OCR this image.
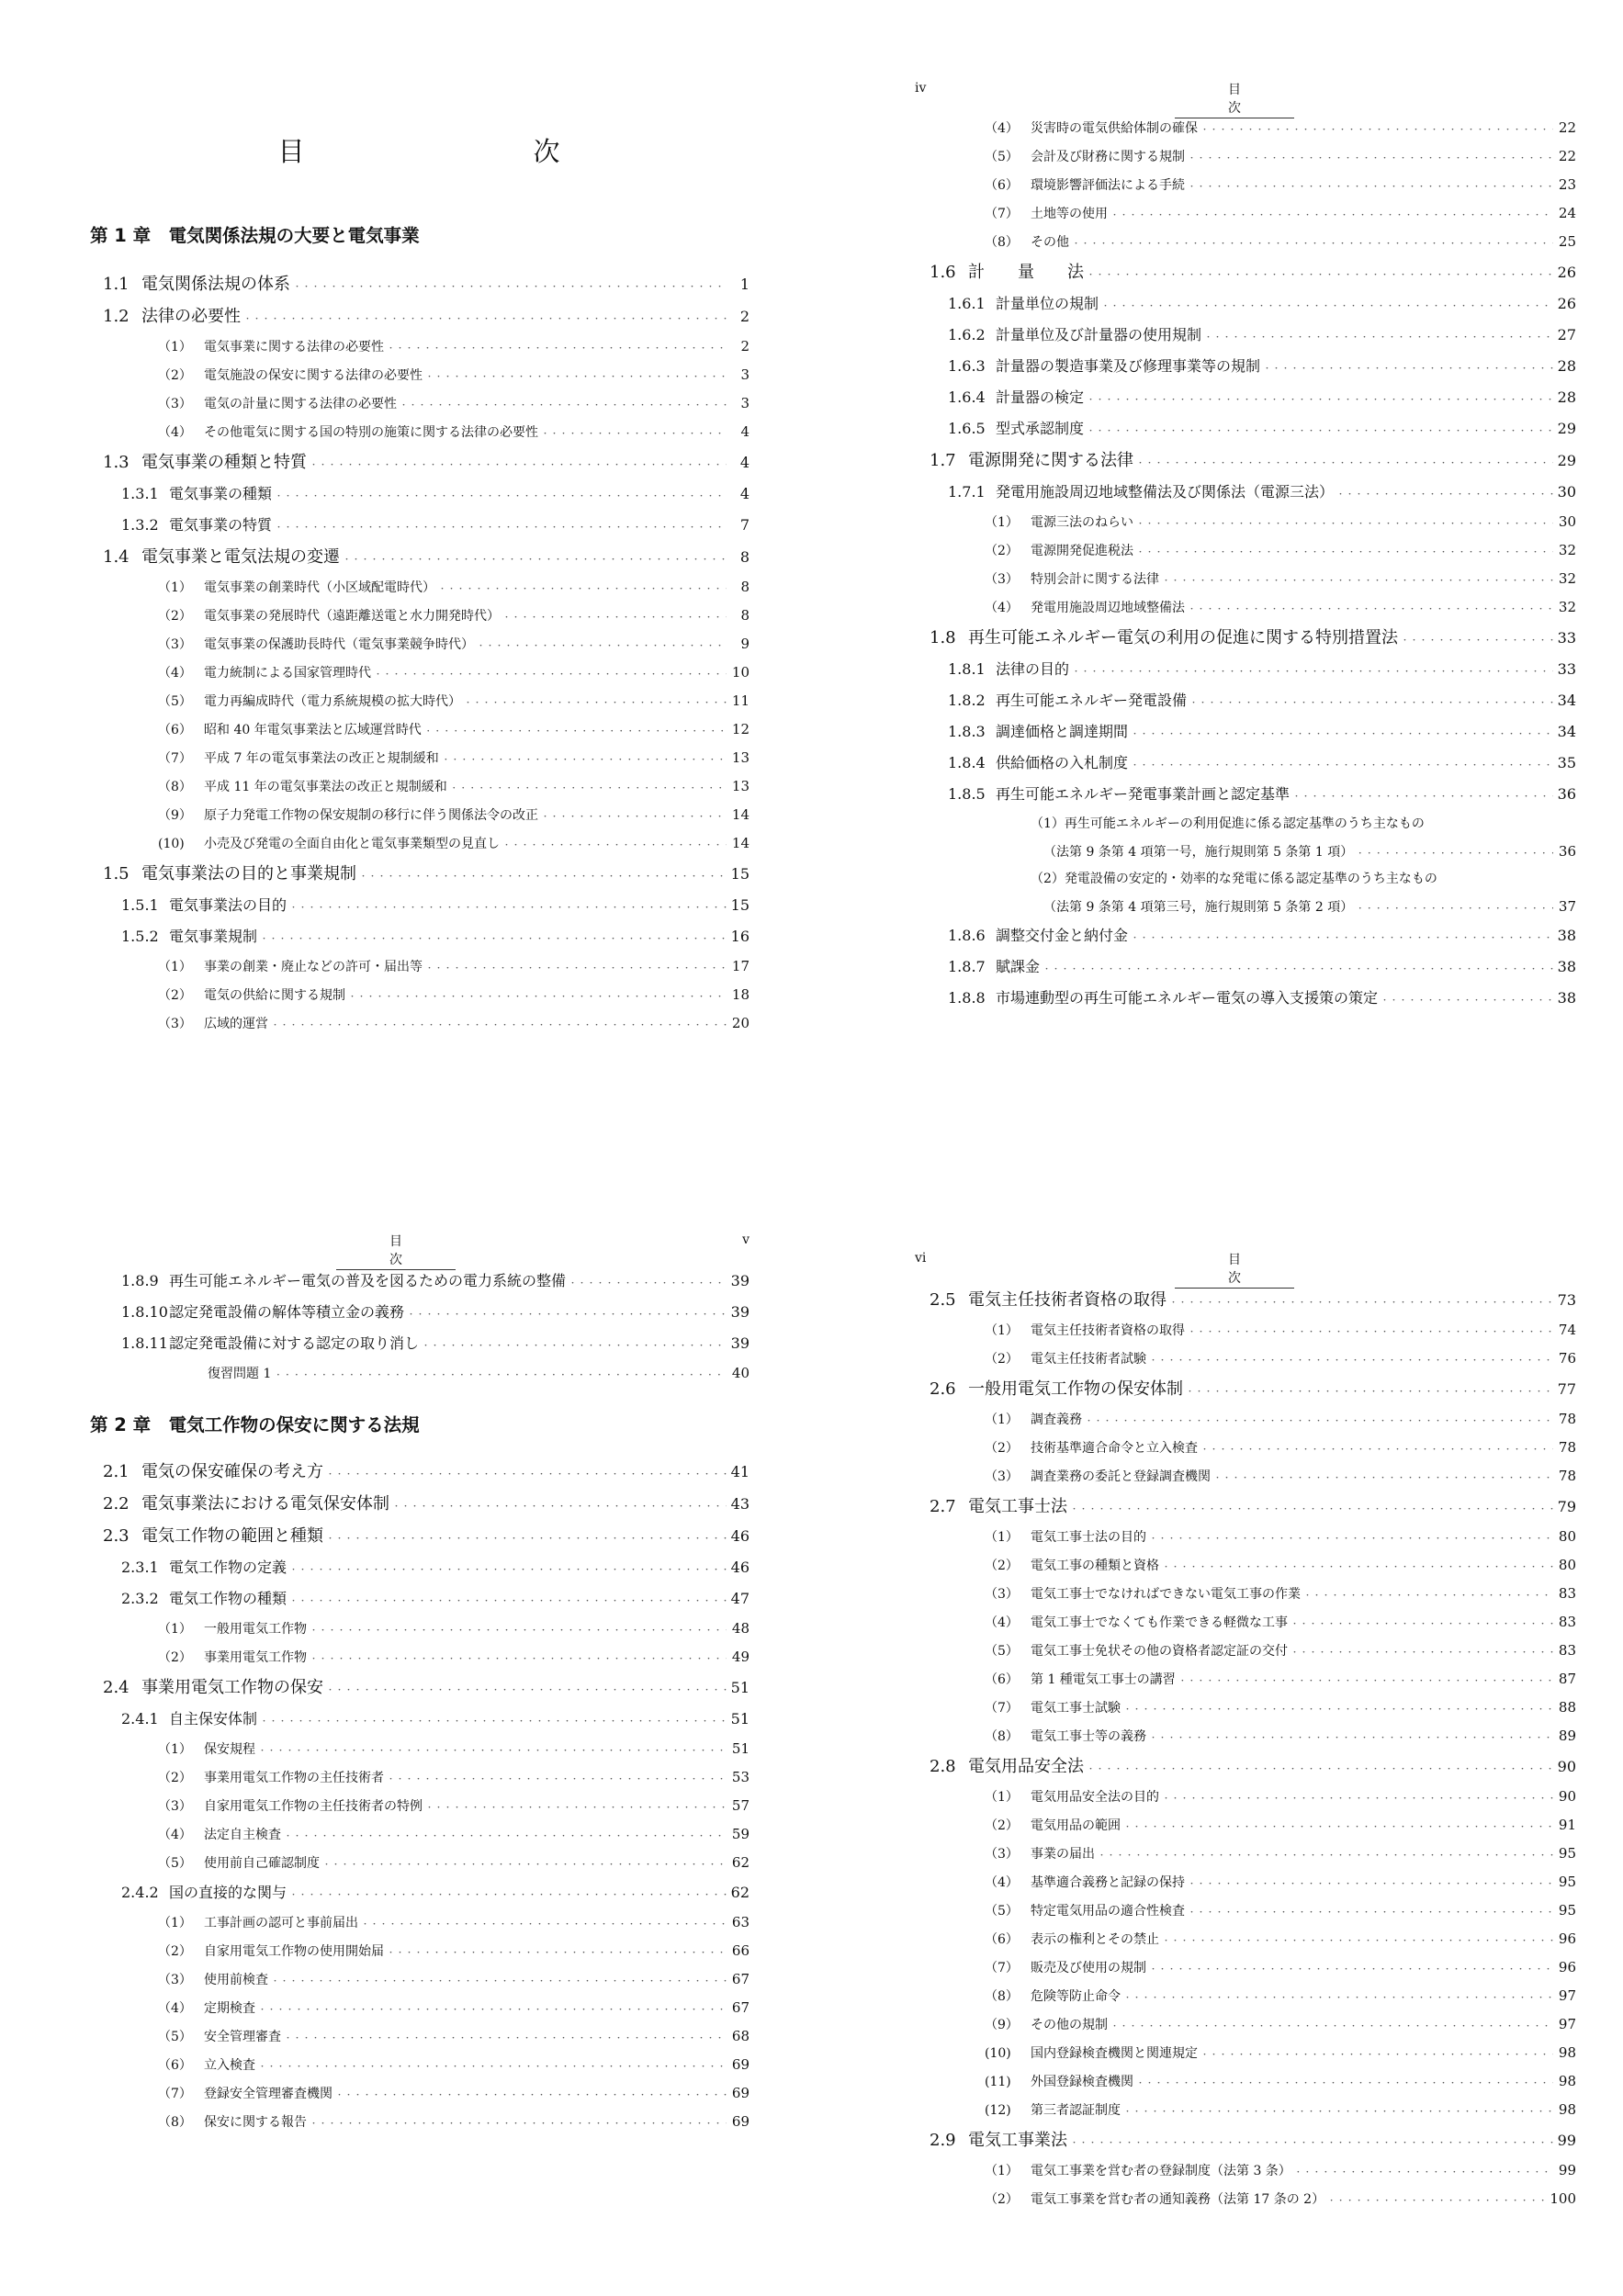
目　次
第 1 章　電気関係法規の大要と電気事業
1.1 電気関係法規の体系 ・・・・・・・・・・・・・・・・・・・・・・・・・・・・・・・・・・・・・・・・・・・・・・・・・・・・・・・・・・・・・・・・・・・・・・・・・・・・・・・・・・・・・・・・	1
1.2 法律の必要性 ・・・・・・・・・・・・・・・・・・・・・・・・・・・・・・・・・・・・・・・・・・・・・・・・・・・・・・・・・・・・・・・・・・・・・・・・・・・・・・・・・・・・・・・・	2
（1） 電気事業に関する法律の必要性 ・・・・・・・・・・・・・・・・・・・・・・・・・・・・・・・・・・・・・・・・・・・・・・・・・・・・・・・・・・・・・・・・・・・・・・・・・・・・・・・・・・・・・・・・	2
（2） 電気施設の保安に関する法律の必要性 ・・・・・・・・・・・・・・・・・・・・・・・・・・・・・・・・・・・・・・・・・・・・・・・・・・・・・・・・・・・・・・・・・・・・・・・・・・・・・・・・・・・・・・・・	3
（3） 電気の計量に関する法律の必要性 ・・・・・・・・・・・・・・・・・・・・・・・・・・・・・・・・・・・・・・・・・・・・・・・・・・・・・・・・・・・・・・・・・・・・・・・・・・・・・・・・・・・・・・・・	3
（4） その他電気に関する国の特別の施策に関する法律の必要性 ・・・・・・・・・・・・・・・・・・・・・・・・・・・・・・・・・・・・・・・・・・・・・・・・・・・・・・・・・・・・・・・・・・・・・・・・・・・・・・・・・・・・・・・・	4
1.3 電気事業の種類と特質 ・・・・・・・・・・・・・・・・・・・・・・・・・・・・・・・・・・・・・・・・・・・・・・・・・・・・・・・・・・・・・・・・・・・・・・・・・・・・・・・・・・・・・・・・	4
1.3.1 電気事業の種類 ・・・・・・・・・・・・・・・・・・・・・・・・・・・・・・・・・・・・・・・・・・・・・・・・・・・・・・・・・・・・・・・・・・・・・・・・・・・・・・・・・・・・・・・・	4
1.3.2 電気事業の特質 ・・・・・・・・・・・・・・・・・・・・・・・・・・・・・・・・・・・・・・・・・・・・・・・・・・・・・・・・・・・・・・・・・・・・・・・・・・・・・・・・・・・・・・・・	7
1.4 電気事業と電気法規の変遷 ・・・・・・・・・・・・・・・・・・・・・・・・・・・・・・・・・・・・・・・・・・・・・・・・・・・・・・・・・・・・・・・・・・・・・・・・・・・・・・・・・・・・・・・・	8
（1） 電気事業の創業時代（小区域配電時代） ・・・・・・・・・・・・・・・・・・・・・・・・・・・・・・・・・・・・・・・・・・・・・・・・・・・・・・・・・・・・・・・・・・・・・・・・・・・・・・・・・・・・・・・・	8
（2） 電気事業の発展時代（遠距離送電と水力開発時代） ・・・・・・・・・・・・・・・・・・・・・・・・・・・・・・・・・・・・・・・・・・・・・・・・・・・・・・・・・・・・・・・・・・・・・・・・・・・・・・・・・・・・・・・・	8
（3） 電気事業の保護助長時代（電気事業競争時代） ・・・・・・・・・・・・・・・・・・・・・・・・・・・・・・・・・・・・・・・・・・・・・・・・・・・・・・・・・・・・・・・・・・・・・・・・・・・・・・・・・・・・・・・・	9
（4） 電力統制による国家管理時代 ・・・・・・・・・・・・・・・・・・・・・・・・・・・・・・・・・・・・・・・・・・・・・・・・・・・・・・・・・・・・・・・・・・・・・・・・・・・・・・・・・・・・・・・・	10
（5） 電力再編成時代（電力系統規模の拡大時代） ・・・・・・・・・・・・・・・・・・・・・・・・・・・・・・・・・・・・・・・・・・・・・・・・・・・・・・・・・・・・・・・・・・・・・・・・・・・・・・・・・・・・・・・・	11
（6） 昭和 40 年電気事業法と広域運営時代 ・・・・・・・・・・・・・・・・・・・・・・・・・・・・・・・・・・・・・・・・・・・・・・・・・・・・・・・・・・・・・・・・・・・・・・・・・・・・・・・・・・・・・・・・	12
（7） 平成 7 年の電気事業法の改正と規制緩和 ・・・・・・・・・・・・・・・・・・・・・・・・・・・・・・・・・・・・・・・・・・・・・・・・・・・・・・・・・・・・・・・・・・・・・・・・・・・・・・・・・・・・・・・・	13
（8） 平成 11 年の電気事業法の改正と規制緩和 ・・・・・・・・・・・・・・・・・・・・・・・・・・・・・・・・・・・・・・・・・・・・・・・・・・・・・・・・・・・・・・・・・・・・・・・・・・・・・・・・・・・・・・・・	13
（9） 原子力発電工作物の保安規制の移行に伴う関係法令の改正 ・・・・・・・・・・・・・・・・・・・・・・・・・・・・・・・・・・・・・・・・・・・・・・・・・・・・・・・・・・・・・・・・・・・・・・・・・・・・・・・・・・・・・・・・	14
(10) 小売及び発電の全面自由化と電気事業類型の見直し ・・・・・・・・・・・・・・・・・・・・・・・・・・・・・・・・・・・・・・・・・・・・・・・・・・・・・・・・・・・・・・・・・・・・・・・・・・・・・・・・・・・・・・・・	14
1.5 電気事業法の目的と事業規制 ・・・・・・・・・・・・・・・・・・・・・・・・・・・・・・・・・・・・・・・・・・・・・・・・・・・・・・・・・・・・・・・・・・・・・・・・・・・・・・・・・・・・・・・・	15
1.5.1 電気事業法の目的 ・・・・・・・・・・・・・・・・・・・・・・・・・・・・・・・・・・・・・・・・・・・・・・・・・・・・・・・・・・・・・・・・・・・・・・・・・・・・・・・・・・・・・・・・	15
1.5.2 電気事業規制 ・・・・・・・・・・・・・・・・・・・・・・・・・・・・・・・・・・・・・・・・・・・・・・・・・・・・・・・・・・・・・・・・・・・・・・・・・・・・・・・・・・・・・・・・	16
（1） 事業の創業・廃止などの許可・届出等 ・・・・・・・・・・・・・・・・・・・・・・・・・・・・・・・・・・・・・・・・・・・・・・・・・・・・・・・・・・・・・・・・・・・・・・・・・・・・・・・・・・・・・・・・	17
（2） 電気の供給に関する規制 ・・・・・・・・・・・・・・・・・・・・・・・・・・・・・・・・・・・・・・・・・・・・・・・・・・・・・・・・・・・・・・・・・・・・・・・・・・・・・・・・・・・・・・・・	18
（3） 広域的運営 ・・・・・・・・・・・・・・・・・・・・・・・・・・・・・・・・・・・・・・・・・・・・・・・・・・・・・・・・・・・・・・・・・・・・・・・・・・・・・・・・・・・・・・・・	20
iv	目　次
（4） 災害時の電気供給体制の確保 ・・・・・・・・・・・・・・・・・・・・・・・・・・・・・・・・・・・・・・・・・・・・・・・・・・・・・・・・・・・・・・・・・・・・・・・・・・・・・・・・・・・・・・・・	22
（5） 会計及び財務に関する規制 ・・・・・・・・・・・・・・・・・・・・・・・・・・・・・・・・・・・・・・・・・・・・・・・・・・・・・・・・・・・・・・・・・・・・・・・・・・・・・・・・・・・・・・・・	22
（6） 環境影響評価法による手続 ・・・・・・・・・・・・・・・・・・・・・・・・・・・・・・・・・・・・・・・・・・・・・・・・・・・・・・・・・・・・・・・・・・・・・・・・・・・・・・・・・・・・・・・・	23
（7） 土地等の使用 ・・・・・・・・・・・・・・・・・・・・・・・・・・・・・・・・・・・・・・・・・・・・・・・・・・・・・・・・・・・・・・・・・・・・・・・・・・・・・・・・・・・・・・・・	24
（8） その他 ・・・・・・・・・・・・・・・・・・・・・・・・・・・・・・・・・・・・・・・・・・・・・・・・・・・・・・・・・・・・・・・・・・・・・・・・・・・・・・・・・・・・・・・・	25
1.6 計　　量　　法 ・・・・・・・・・・・・・・・・・・・・・・・・・・・・・・・・・・・・・・・・・・・・・・・・・・・・・・・・・・・・・・・・・・・・・・・・・・・・・・・・・・・・・・・・	26
1.6.1 計量単位の規制 ・・・・・・・・・・・・・・・・・・・・・・・・・・・・・・・・・・・・・・・・・・・・・・・・・・・・・・・・・・・・・・・・・・・・・・・・・・・・・・・・・・・・・・・・	26
1.6.2 計量単位及び計量器の使用規制 ・・・・・・・・・・・・・・・・・・・・・・・・・・・・・・・・・・・・・・・・・・・・・・・・・・・・・・・・・・・・・・・・・・・・・・・・・・・・・・・・・・・・・・・・	27
1.6.3 計量器の製造事業及び修理事業等の規制 ・・・・・・・・・・・・・・・・・・・・・・・・・・・・・・・・・・・・・・・・・・・・・・・・・・・・・・・・・・・・・・・・・・・・・・・・・・・・・・・・・・・・・・・・	28
1.6.4 計量器の検定 ・・・・・・・・・・・・・・・・・・・・・・・・・・・・・・・・・・・・・・・・・・・・・・・・・・・・・・・・・・・・・・・・・・・・・・・・・・・・・・・・・・・・・・・・	28
1.6.5 型式承認制度 ・・・・・・・・・・・・・・・・・・・・・・・・・・・・・・・・・・・・・・・・・・・・・・・・・・・・・・・・・・・・・・・・・・・・・・・・・・・・・・・・・・・・・・・・	29
1.7 電源開発に関する法律 ・・・・・・・・・・・・・・・・・・・・・・・・・・・・・・・・・・・・・・・・・・・・・・・・・・・・・・・・・・・・・・・・・・・・・・・・・・・・・・・・・・・・・・・・	29
1.7.1 発電用施設周辺地域整備法及び関係法（電源三法） ・・・・・・・・・・・・・・・・・・・・・・・・・・・・・・・・・・・・・・・・・・・・・・・・・・・・・・・・・・・・・・・・・・・・・・・・・・・・・・・・・・・・・・・・	30
（1） 電源三法のねらい ・・・・・・・・・・・・・・・・・・・・・・・・・・・・・・・・・・・・・・・・・・・・・・・・・・・・・・・・・・・・・・・・・・・・・・・・・・・・・・・・・・・・・・・・	30
（2） 電源開発促進税法 ・・・・・・・・・・・・・・・・・・・・・・・・・・・・・・・・・・・・・・・・・・・・・・・・・・・・・・・・・・・・・・・・・・・・・・・・・・・・・・・・・・・・・・・・	32
（3） 特別会計に関する法律 ・・・・・・・・・・・・・・・・・・・・・・・・・・・・・・・・・・・・・・・・・・・・・・・・・・・・・・・・・・・・・・・・・・・・・・・・・・・・・・・・・・・・・・・・	32
（4） 発電用施設周辺地域整備法 ・・・・・・・・・・・・・・・・・・・・・・・・・・・・・・・・・・・・・・・・・・・・・・・・・・・・・・・・・・・・・・・・・・・・・・・・・・・・・・・・・・・・・・・・	32
1.8 再生可能エネルギー電気の利用の促進に関する特別措置法 ・・・・・・・・・・・・・・・・・・・・・・・・・・・・・・・・・・・・・・・・・・・・・・・・・・・・・・・・・・・・・・・・・・・・・・・・・・・・・・・・・・・・・・・・	33
1.8.1 法律の目的 ・・・・・・・・・・・・・・・・・・・・・・・・・・・・・・・・・・・・・・・・・・・・・・・・・・・・・・・・・・・・・・・・・・・・・・・・・・・・・・・・・・・・・・・・	33
1.8.2 再生可能エネルギー発電設備 ・・・・・・・・・・・・・・・・・・・・・・・・・・・・・・・・・・・・・・・・・・・・・・・・・・・・・・・・・・・・・・・・・・・・・・・・・・・・・・・・・・・・・・・・	34
1.8.3 調達価格と調達期間 ・・・・・・・・・・・・・・・・・・・・・・・・・・・・・・・・・・・・・・・・・・・・・・・・・・・・・・・・・・・・・・・・・・・・・・・・・・・・・・・・・・・・・・・・	34
1.8.4 供給価格の入札制度 ・・・・・・・・・・・・・・・・・・・・・・・・・・・・・・・・・・・・・・・・・・・・・・・・・・・・・・・・・・・・・・・・・・・・・・・・・・・・・・・・・・・・・・・・	35
1.8.5 再生可能エネルギー発電事業計画と認定基準 ・・・・・・・・・・・・・・・・・・・・・・・・・・・・・・・・・・・・・・・・・・・・・・・・・・・・・・・・・・・・・・・・・・・・・・・・・・・・・・・・・・・・・・・・	36
（1）再生可能エネルギーの利用促進に係る認定基準のうち主なもの
（法第 9 条第 4 項第一号，施行規則第 5 条第 1 項） ・・・・・・・・・・・・・・・・・・・・・・・・・・・・・・・・・・・・・・・・・・・・・・・・・・・・・・・・・・・・・・・・・・・・・・・・・・・・・・・・・・・・・・・・	36
（2）発電設備の安定的・効率的な発電に係る認定基準のうち主なもの
（法第 9 条第 4 項第三号，施行規則第 5 条第 2 項） ・・・・・・・・・・・・・・・・・・・・・・・・・・・・・・・・・・・・・・・・・・・・・・・・・・・・・・・・・・・・・・・・・・・・・・・・・・・・・・・・・・・・・・・・	37
1.8.6 調整交付金と納付金 ・・・・・・・・・・・・・・・・・・・・・・・・・・・・・・・・・・・・・・・・・・・・・・・・・・・・・・・・・・・・・・・・・・・・・・・・・・・・・・・・・・・・・・・・	38
1.8.7 賦課金 ・・・・・・・・・・・・・・・・・・・・・・・・・・・・・・・・・・・・・・・・・・・・・・・・・・・・・・・・・・・・・・・・・・・・・・・・・・・・・・・・・・・・・・・・	38
1.8.8 市場連動型の再生可能エネルギー電気の導入支援策の策定 ・・・・・・・・・・・・・・・・・・・・・・・・・・・・・・・・・・・・・・・・・・・・・・・・・・・・・・・・・・・・・・・・・・・・・・・・・・・・・・・・・・・・・・・・	38
目　次
v
1.8.9 再生可能エネルギー電気の普及を図るための電力系統の整備 ・・・・・・・・・・・・・・・・・・・・・・・・・・・・・・・・・・・・・・・・・・・・・・・・・・・・・・・・・・・・・・・・・・・・・・・・・・・・・・・・・・・・・・・・	39
1.8.10認定発電設備の解体等積立金の義務 ・・・・・・・・・・・・・・・・・・・・・・・・・・・・・・・・・・・・・・・・・・・・・・・・・・・・・・・・・・・・・・・・・・・・・・・・・・・・・・・・・・・・・・・・	39
1.8.11認定発電設備に対する認定の取り消し ・・・・・・・・・・・・・・・・・・・・・・・・・・・・・・・・・・・・・・・・・・・・・・・・・・・・・・・・・・・・・・・・・・・・・・・・・・・・・・・・・・・・・・・・	39
復習問題 1 ・・・・・・・・・・・・・・・・・・・・・・・・・・・・・・・・・・・・・・・・・・・・・・・・・・・・・・・・・・・・・・・・・・・・・・・・・・・・・・・・・・・・・・・・	40
第 2 章　電気工作物の保安に関する法規
2.1 電気の保安確保の考え方 ・・・・・・・・・・・・・・・・・・・・・・・・・・・・・・・・・・・・・・・・・・・・・・・・・・・・・・・・・・・・・・・・・・・・・・・・・・・・・・・・・・・・・・・・	41
2.2 電気事業法における電気保安体制 ・・・・・・・・・・・・・・・・・・・・・・・・・・・・・・・・・・・・・・・・・・・・・・・・・・・・・・・・・・・・・・・・・・・・・・・・・・・・・・・・・・・・・・・・	43
2.3 電気工作物の範囲と種類 ・・・・・・・・・・・・・・・・・・・・・・・・・・・・・・・・・・・・・・・・・・・・・・・・・・・・・・・・・・・・・・・・・・・・・・・・・・・・・・・・・・・・・・・・	46
2.3.1 電気工作物の定義 ・・・・・・・・・・・・・・・・・・・・・・・・・・・・・・・・・・・・・・・・・・・・・・・・・・・・・・・・・・・・・・・・・・・・・・・・・・・・・・・・・・・・・・・・	46
2.3.2 電気工作物の種類 ・・・・・・・・・・・・・・・・・・・・・・・・・・・・・・・・・・・・・・・・・・・・・・・・・・・・・・・・・・・・・・・・・・・・・・・・・・・・・・・・・・・・・・・・	47
（1） 一般用電気工作物 ・・・・・・・・・・・・・・・・・・・・・・・・・・・・・・・・・・・・・・・・・・・・・・・・・・・・・・・・・・・・・・・・・・・・・・・・・・・・・・・・・・・・・・・・	48
（2） 事業用電気工作物 ・・・・・・・・・・・・・・・・・・・・・・・・・・・・・・・・・・・・・・・・・・・・・・・・・・・・・・・・・・・・・・・・・・・・・・・・・・・・・・・・・・・・・・・・	49
2.4 事業用電気工作物の保安 ・・・・・・・・・・・・・・・・・・・・・・・・・・・・・・・・・・・・・・・・・・・・・・・・・・・・・・・・・・・・・・・・・・・・・・・・・・・・・・・・・・・・・・・・	51
2.4.1 自主保安体制 ・・・・・・・・・・・・・・・・・・・・・・・・・・・・・・・・・・・・・・・・・・・・・・・・・・・・・・・・・・・・・・・・・・・・・・・・・・・・・・・・・・・・・・・・	51
（1） 保安規程 ・・・・・・・・・・・・・・・・・・・・・・・・・・・・・・・・・・・・・・・・・・・・・・・・・・・・・・・・・・・・・・・・・・・・・・・・・・・・・・・・・・・・・・・・	51
（2） 事業用電気工作物の主任技術者 ・・・・・・・・・・・・・・・・・・・・・・・・・・・・・・・・・・・・・・・・・・・・・・・・・・・・・・・・・・・・・・・・・・・・・・・・・・・・・・・・・・・・・・・・	53
（3） 自家用電気工作物の主任技術者の特例 ・・・・・・・・・・・・・・・・・・・・・・・・・・・・・・・・・・・・・・・・・・・・・・・・・・・・・・・・・・・・・・・・・・・・・・・・・・・・・・・・・・・・・・・・	57
（4） 法定自主検査 ・・・・・・・・・・・・・・・・・・・・・・・・・・・・・・・・・・・・・・・・・・・・・・・・・・・・・・・・・・・・・・・・・・・・・・・・・・・・・・・・・・・・・・・・	59
（5） 使用前自己確認制度 ・・・・・・・・・・・・・・・・・・・・・・・・・・・・・・・・・・・・・・・・・・・・・・・・・・・・・・・・・・・・・・・・・・・・・・・・・・・・・・・・・・・・・・・・	62
2.4.2 国の直接的な関与 ・・・・・・・・・・・・・・・・・・・・・・・・・・・・・・・・・・・・・・・・・・・・・・・・・・・・・・・・・・・・・・・・・・・・・・・・・・・・・・・・・・・・・・・・	62
（1） 工事計画の認可と事前届出 ・・・・・・・・・・・・・・・・・・・・・・・・・・・・・・・・・・・・・・・・・・・・・・・・・・・・・・・・・・・・・・・・・・・・・・・・・・・・・・・・・・・・・・・・	63
（2） 自家用電気工作物の使用開始届 ・・・・・・・・・・・・・・・・・・・・・・・・・・・・・・・・・・・・・・・・・・・・・・・・・・・・・・・・・・・・・・・・・・・・・・・・・・・・・・・・・・・・・・・・	66
（3） 使用前検査 ・・・・・・・・・・・・・・・・・・・・・・・・・・・・・・・・・・・・・・・・・・・・・・・・・・・・・・・・・・・・・・・・・・・・・・・・・・・・・・・・・・・・・・・・	67
（4） 定期検査 ・・・・・・・・・・・・・・・・・・・・・・・・・・・・・・・・・・・・・・・・・・・・・・・・・・・・・・・・・・・・・・・・・・・・・・・・・・・・・・・・・・・・・・・・	67
（5） 安全管理審査 ・・・・・・・・・・・・・・・・・・・・・・・・・・・・・・・・・・・・・・・・・・・・・・・・・・・・・・・・・・・・・・・・・・・・・・・・・・・・・・・・・・・・・・・・	68
（6） 立入検査 ・・・・・・・・・・・・・・・・・・・・・・・・・・・・・・・・・・・・・・・・・・・・・・・・・・・・・・・・・・・・・・・・・・・・・・・・・・・・・・・・・・・・・・・・	69
（7） 登録安全管理審査機関 ・・・・・・・・・・・・・・・・・・・・・・・・・・・・・・・・・・・・・・・・・・・・・・・・・・・・・・・・・・・・・・・・・・・・・・・・・・・・・・・・・・・・・・・・	69
（8） 保安に関する報告 ・・・・・・・・・・・・・・・・・・・・・・・・・・・・・・・・・・・・・・・・・・・・・・・・・・・・・・・・・・・・・・・・・・・・・・・・・・・・・・・・・・・・・・・・	69
vi	目　次
2.5 電気主任技術者資格の取得 ・・・・・・・・・・・・・・・・・・・・・・・・・・・・・・・・・・・・・・・・・・・・・・・・・・・・・・・・・・・・・・・・・・・・・・・・・・・・・・・・・・・・・・・・	73
（1） 電気主任技術者資格の取得 ・・・・・・・・・・・・・・・・・・・・・・・・・・・・・・・・・・・・・・・・・・・・・・・・・・・・・・・・・・・・・・・・・・・・・・・・・・・・・・・・・・・・・・・・	74
（2） 電気主任技術者試験 ・・・・・・・・・・・・・・・・・・・・・・・・・・・・・・・・・・・・・・・・・・・・・・・・・・・・・・・・・・・・・・・・・・・・・・・・・・・・・・・・・・・・・・・・	76
2.6 一般用電気工作物の保安体制 ・・・・・・・・・・・・・・・・・・・・・・・・・・・・・・・・・・・・・・・・・・・・・・・・・・・・・・・・・・・・・・・・・・・・・・・・・・・・・・・・・・・・・・・・	77
（1） 調査義務 ・・・・・・・・・・・・・・・・・・・・・・・・・・・・・・・・・・・・・・・・・・・・・・・・・・・・・・・・・・・・・・・・・・・・・・・・・・・・・・・・・・・・・・・・	78
（2） 技術基準適合命令と立入検査 ・・・・・・・・・・・・・・・・・・・・・・・・・・・・・・・・・・・・・・・・・・・・・・・・・・・・・・・・・・・・・・・・・・・・・・・・・・・・・・・・・・・・・・・・	78
（3） 調査業務の委託と登録調査機関 ・・・・・・・・・・・・・・・・・・・・・・・・・・・・・・・・・・・・・・・・・・・・・・・・・・・・・・・・・・・・・・・・・・・・・・・・・・・・・・・・・・・・・・・・	78
2.7 電気工事士法 ・・・・・・・・・・・・・・・・・・・・・・・・・・・・・・・・・・・・・・・・・・・・・・・・・・・・・・・・・・・・・・・・・・・・・・・・・・・・・・・・・・・・・・・・	79
（1） 電気工事士法の目的 ・・・・・・・・・・・・・・・・・・・・・・・・・・・・・・・・・・・・・・・・・・・・・・・・・・・・・・・・・・・・・・・・・・・・・・・・・・・・・・・・・・・・・・・・	80
（2） 電気工事の種類と資格 ・・・・・・・・・・・・・・・・・・・・・・・・・・・・・・・・・・・・・・・・・・・・・・・・・・・・・・・・・・・・・・・・・・・・・・・・・・・・・・・・・・・・・・・・	80
（3） 電気工事士でなければできない電気工事の作業 ・・・・・・・・・・・・・・・・・・・・・・・・・・・・・・・・・・・・・・・・・・・・・・・・・・・・・・・・・・・・・・・・・・・・・・・・・・・・・・・・・・・・・・・・	83
（4） 電気工事士でなくても作業できる軽微な工事 ・・・・・・・・・・・・・・・・・・・・・・・・・・・・・・・・・・・・・・・・・・・・・・・・・・・・・・・・・・・・・・・・・・・・・・・・・・・・・・・・・・・・・・・・	83
（5） 電気工事士免状その他の資格者認定証の交付 ・・・・・・・・・・・・・・・・・・・・・・・・・・・・・・・・・・・・・・・・・・・・・・・・・・・・・・・・・・・・・・・・・・・・・・・・・・・・・・・・・・・・・・・・	83
（6） 第 1 種電気工事士の講習 ・・・・・・・・・・・・・・・・・・・・・・・・・・・・・・・・・・・・・・・・・・・・・・・・・・・・・・・・・・・・・・・・・・・・・・・・・・・・・・・・・・・・・・・・	87
（7） 電気工事士試験 ・・・・・・・・・・・・・・・・・・・・・・・・・・・・・・・・・・・・・・・・・・・・・・・・・・・・・・・・・・・・・・・・・・・・・・・・・・・・・・・・・・・・・・・・	88
（8） 電気工事士等の義務 ・・・・・・・・・・・・・・・・・・・・・・・・・・・・・・・・・・・・・・・・・・・・・・・・・・・・・・・・・・・・・・・・・・・・・・・・・・・・・・・・・・・・・・・・	89
2.8 電気用品安全法 ・・・・・・・・・・・・・・・・・・・・・・・・・・・・・・・・・・・・・・・・・・・・・・・・・・・・・・・・・・・・・・・・・・・・・・・・・・・・・・・・・・・・・・・・	90
（1） 電気用品安全法の目的 ・・・・・・・・・・・・・・・・・・・・・・・・・・・・・・・・・・・・・・・・・・・・・・・・・・・・・・・・・・・・・・・・・・・・・・・・・・・・・・・・・・・・・・・・	90
（2） 電気用品の範囲 ・・・・・・・・・・・・・・・・・・・・・・・・・・・・・・・・・・・・・・・・・・・・・・・・・・・・・・・・・・・・・・・・・・・・・・・・・・・・・・・・・・・・・・・・	91
（3） 事業の届出 ・・・・・・・・・・・・・・・・・・・・・・・・・・・・・・・・・・・・・・・・・・・・・・・・・・・・・・・・・・・・・・・・・・・・・・・・・・・・・・・・・・・・・・・・	95
（4） 基準適合義務と記録の保持 ・・・・・・・・・・・・・・・・・・・・・・・・・・・・・・・・・・・・・・・・・・・・・・・・・・・・・・・・・・・・・・・・・・・・・・・・・・・・・・・・・・・・・・・・	95
（5） 特定電気用品の適合性検査 ・・・・・・・・・・・・・・・・・・・・・・・・・・・・・・・・・・・・・・・・・・・・・・・・・・・・・・・・・・・・・・・・・・・・・・・・・・・・・・・・・・・・・・・・	95
（6） 表示の権利とその禁止 ・・・・・・・・・・・・・・・・・・・・・・・・・・・・・・・・・・・・・・・・・・・・・・・・・・・・・・・・・・・・・・・・・・・・・・・・・・・・・・・・・・・・・・・・	96
（7） 販売及び使用の規制 ・・・・・・・・・・・・・・・・・・・・・・・・・・・・・・・・・・・・・・・・・・・・・・・・・・・・・・・・・・・・・・・・・・・・・・・・・・・・・・・・・・・・・・・・	96
（8） 危険等防止命令 ・・・・・・・・・・・・・・・・・・・・・・・・・・・・・・・・・・・・・・・・・・・・・・・・・・・・・・・・・・・・・・・・・・・・・・・・・・・・・・・・・・・・・・・・	97
（9） その他の規制 ・・・・・・・・・・・・・・・・・・・・・・・・・・・・・・・・・・・・・・・・・・・・・・・・・・・・・・・・・・・・・・・・・・・・・・・・・・・・・・・・・・・・・・・・	97
(10) 国内登録検査機関と関連規定 ・・・・・・・・・・・・・・・・・・・・・・・・・・・・・・・・・・・・・・・・・・・・・・・・・・・・・・・・・・・・・・・・・・・・・・・・・・・・・・・・・・・・・・・・	98
(11) 外国登録検査機関 ・・・・・・・・・・・・・・・・・・・・・・・・・・・・・・・・・・・・・・・・・・・・・・・・・・・・・・・・・・・・・・・・・・・・・・・・・・・・・・・・・・・・・・・・	98
(12) 第三者認証制度 ・・・・・・・・・・・・・・・・・・・・・・・・・・・・・・・・・・・・・・・・・・・・・・・・・・・・・・・・・・・・・・・・・・・・・・・・・・・・・・・・・・・・・・・・	98
2.9 電気工事業法 ・・・・・・・・・・・・・・・・・・・・・・・・・・・・・・・・・・・・・・・・・・・・・・・・・・・・・・・・・・・・・・・・・・・・・・・・・・・・・・・・・・・・・・・・	99
（1） 電気工事業を営む者の登録制度（法第 3 条） ・・・・・・・・・・・・・・・・・・・・・・・・・・・・・・・・・・・・・・・・・・・・・・・・・・・・・・・・・・・・・・・・・・・・・・・・・・・・・・・・・・・・・・・・	99
（2） 電気工事業を営む者の通知義務（法第 17 条の 2） ・・・・・・・・・・・・・・・・・・・・・・・・・・・・・・・・・・・・・・・・・・・・・・・・・・・・・・・・・・・・・・・・・・・・・・・・・・・・・・・・・・・・・・・・	100
